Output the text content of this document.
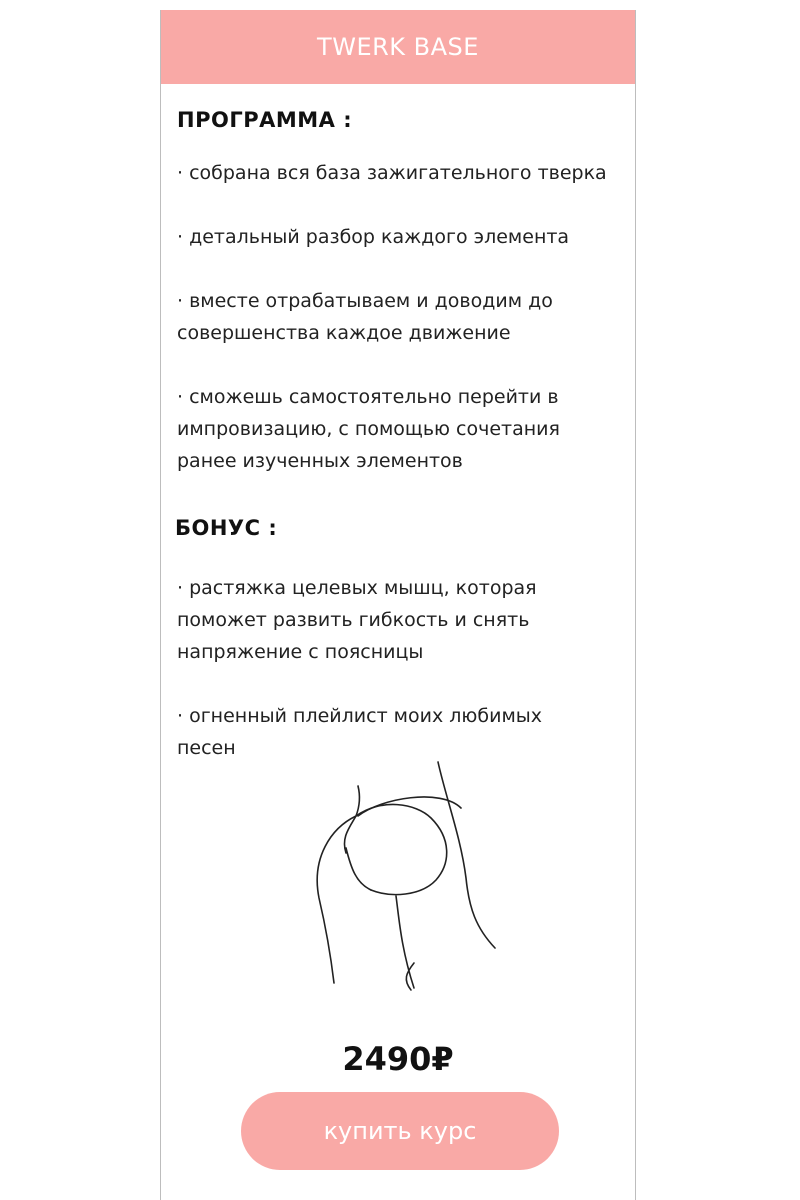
TWERK BASE
ПРОГРАММА :
· собрана вся база зажигательного тверка
· детальный разбор каждого элемента
· вместе отрабатываем и доводим до
совершенства каждое движение
· сможешь самостоятельно перейти в
импровизацию, с помощью сочетания
ранее изученных элементов
БОНУС :
· растяжка целевых мышц, которая
поможет развить гибкость и снять
напряжение с поясницы
· огненный плейлист моих любимых
песен
2490₽
купить курс
